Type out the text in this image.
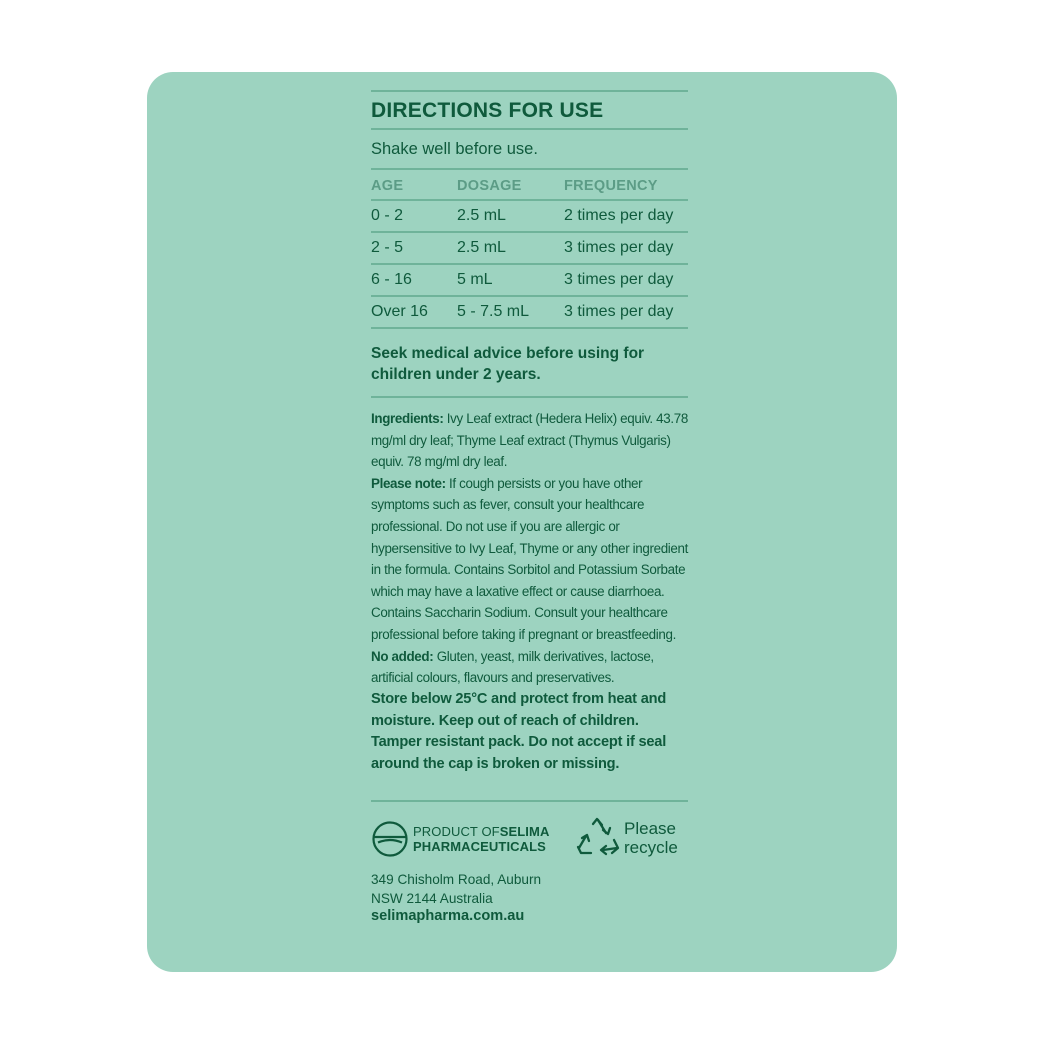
DIRECTIONS FOR USE
Shake well before use.
AGE	DOSAGE	FREQUENCY
0 - 2	2.5 mL	2 times per day
2 - 5	2.5 mL	3 times per day
6 - 16	5 mL	3 times per day
Over 16	5 - 7.5 mL	3 times per day
Seek medical advice before using for children under 2 years.

Ingredients: Ivy Leaf extract (Hedera Helix) equiv. 43.78 mg/ml dry leaf; Thyme Leaf extract (Thymus Vulgaris) equiv. 78 mg/ml dry leaf.

Please note: If cough persists or you have other symptoms such as fever, consult your healthcare professional. Do not use if you are allergic or hypersensitive to Ivy Leaf, Thyme or any other ingredient in the formula. Contains Sorbitol and Potassium Sorbate which may have a laxative effect or cause diarrhoea. Contains Saccharin Sodium. Consult your healthcare professional before taking if pregnant or breastfeeding.

No added: Gluten, yeast, milk derivatives, lactose, artificial colours, flavours and preservatives.

Store below 25°C and protect from heat and moisture. Keep out of reach of children. Tamper resistant pack. Do not accept if seal around the cap is broken or missing.
PRODUCT OFSELIMA
PHARMACEUTICALS
Please
recycle
349 Chisholm Road, Auburn
NSW 2144 Australia
selimapharma.com.au
